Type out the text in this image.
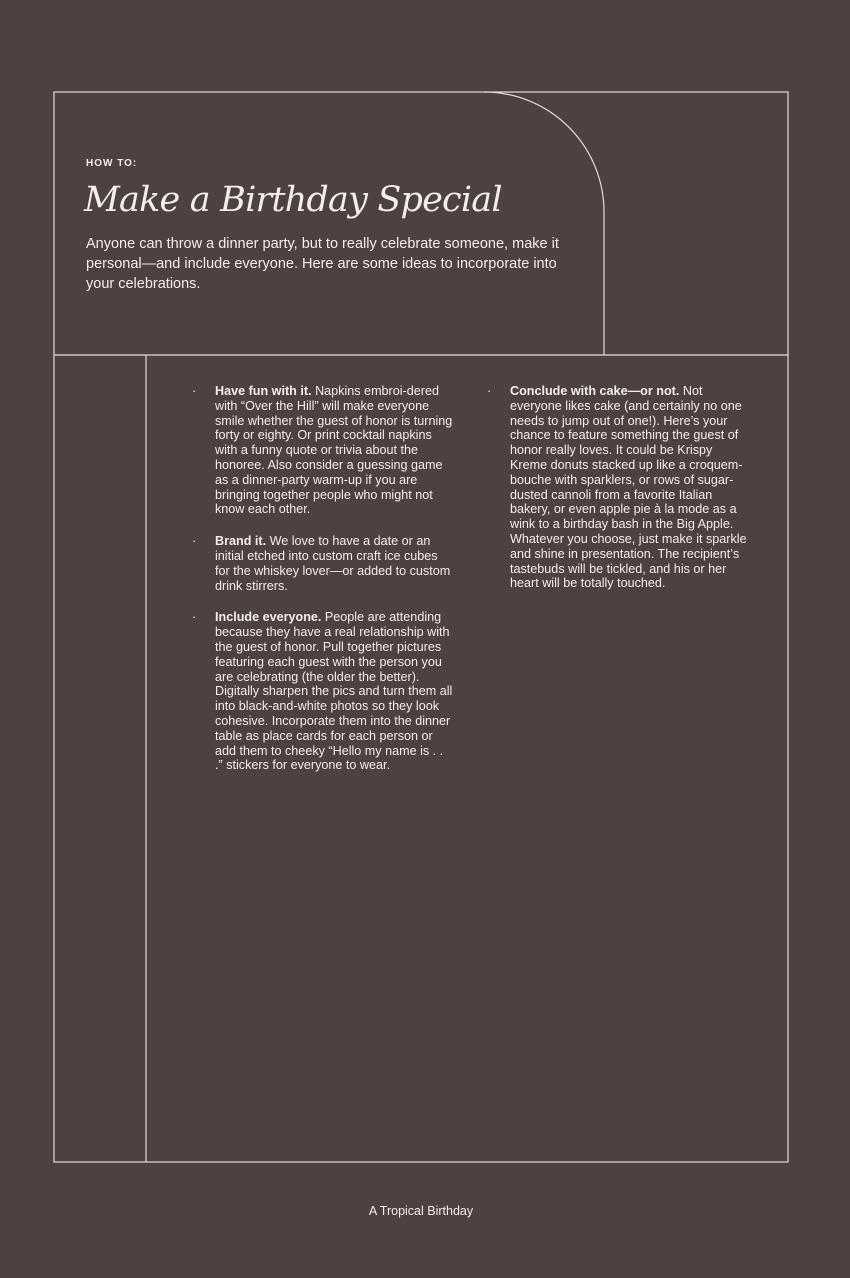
HOW TO:
Make a Birthday Special

Anyone can throw a dinner party, but to really celebrate someone, make it personal—and include everyone. Here are some ideas to incorporate into your celebrations.

· Have fun with it. Napkins embroi-dered with “Over the Hill” will make everyone smile whether the guest of honor is turning forty or eighty. Or print cocktail napkins with a funny quote or trivia about the honoree. Also consider a guessing game as a dinner-party warm-up if you are bringing together people who might not know each other.
· Brand it. We love to have a date or an initial etched into custom craft ice cubes for the whiskey lover—or added to custom drink stirrers.
· Include everyone. People are attending because they have a real relationship with the guest of honor. Pull together pictures featuring each guest with the person you are celebrating (the older the better). Digitally sharpen the pics and turn them all into black-and-white photos so they look cohesive. Incorporate them into the dinner table as place cards for each person or add them to cheeky “Hello my name is . . .” stickers for everyone to wear.
· Conclude with cake—or not. Not everyone likes cake (and certainly no one needs to jump out of one!). Here’s your chance to feature something the guest of honor really loves. It could be Krispy Kreme donuts stacked up like a croquem-bouche with sparklers, or rows of sugar-dusted cannoli from a favorite Italian bakery, or even apple pie à la mode as a wink to a birthday bash in the Big Apple. Whatever you choose, just make it sparkle and shine in presentation. The recipient’s tastebuds will be tickled, and his or her heart will be totally touched.

A Tropical Birthday
